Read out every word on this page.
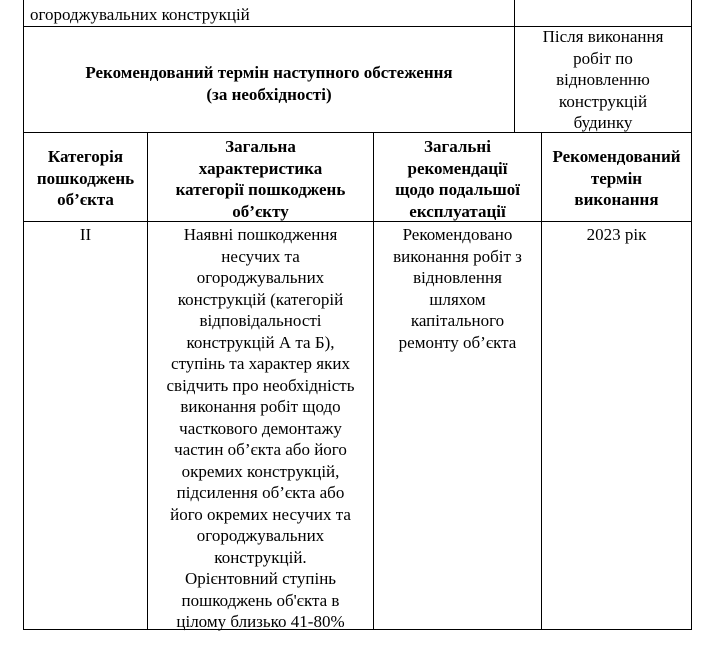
огороджувальних конструкцій
Рекомендований термін наступного обстеження
(за необхідності)
Після виконання
робіт по
відновленню
конструкцій
будинку
Категорія
пошкоджень
об’єкта
Загальна
характеристика
категорії пошкоджень
об’єкту
Загальні
рекомендації
щодо подальшої
експлуатації
Рекомендований
термін
виконання
II	Наявні пошкодження
несучих та
огороджувальних
конструкцій (категорій
відповідальності
конструкцій А та Б),
ступінь та характер яких
свідчить про необхідність
виконання робіт щодо
часткового демонтажу
частин об’єкта або його
окремих конструкцій,
підсилення об’єкта або
його окремих несучих та
огороджувальних
конструкцій.
Орієнтовний ступінь
пошкоджень об'єкта в
цілому близько 41-80%
Рекомендовано
виконання робіт з
відновлення
шляхом
капітального
ремонту об’єкта
2023 рік
